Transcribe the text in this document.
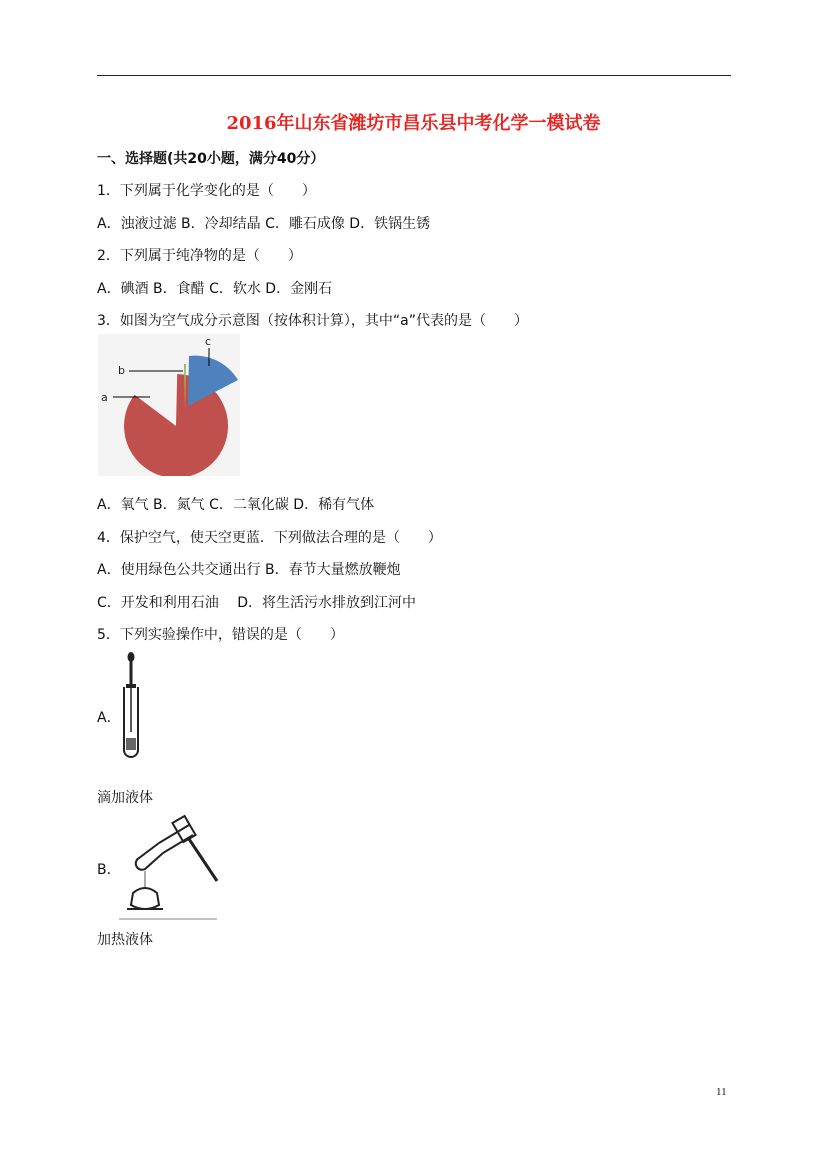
2016年山东省潍坊市昌乐县中考化学一模试卷
一、选择题(共20小题，满分40分）
1．下列属于化学变化的是（　　）
A．浊液过滤 B．冷却结晶 C．雕石成像 D．铁锅生锈
2．下列属于纯净物的是（　　）
A．碘酒 B．食醋 C．软水 D．金刚石
3．如图为空气成分示意图（按体积计算），其中“a”代表的是（　　）
b
a
c
A．氧气 B．氮气 C．二氧化碳 D．稀有气体
4．保护空气，使天空更蓝．下列做法合理的是（　　）
A．使用绿色公共交通出行 B．春节大量燃放鞭炮
C．开发和利用石油　 D．将生活污水排放到江河中
5．下列实验操作中，错误的是（　　）
A．
滴加液体
B．
加热液体
11
